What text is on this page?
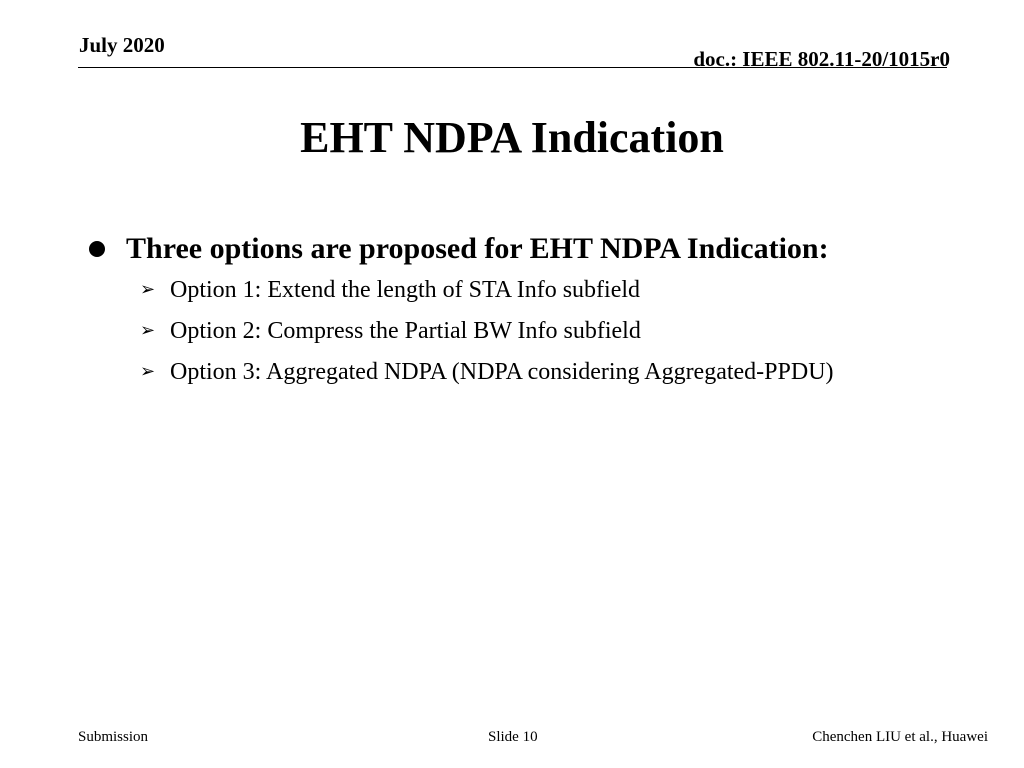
July 2020
doc.: IEEE 802.11-20/1015r0
EHT NDPA Indication
Three options are proposed for EHT NDPA Indication:
➢ Option 1: Extend the length of STA Info subfield
➢ Option 2: Compress the Partial BW Info subfield
➢ Option 3: Aggregated NDPA (NDPA considering Aggregated-PPDU)
Submission	Slide 10	Chenchen LIU et al., Huawei
